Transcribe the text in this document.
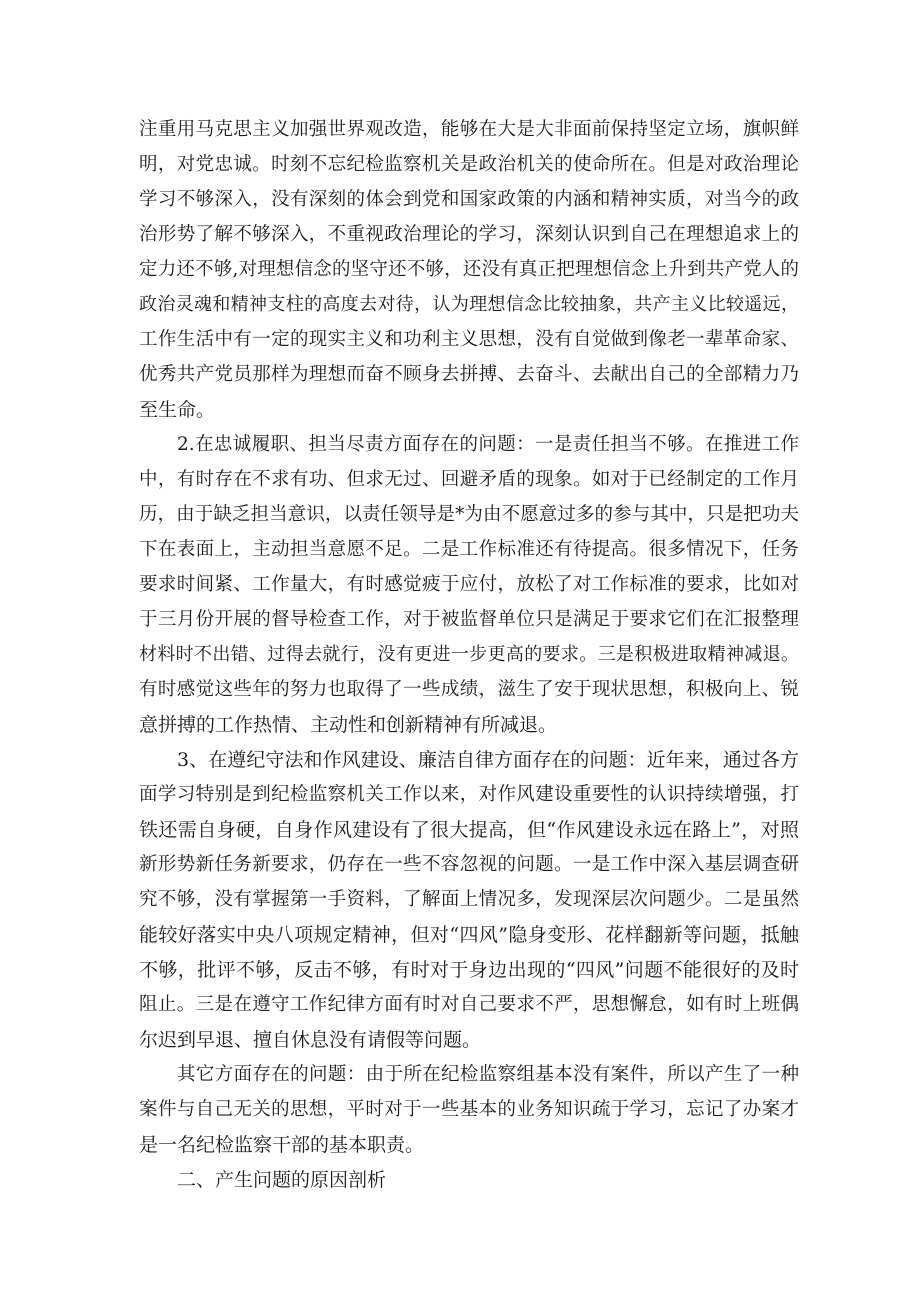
注重用马克思主义加强世界观改造，能够在大是大非面前保持坚定立场，旗帜鲜
明，对党忠诚。时刻不忘纪检监察机关是政治机关的使命所在。但是对政治理论
学习不够深入，没有深刻的体会到党和国家政策的内涵和精神实质，对当今的政
治形势了解不够深入，不重视政治理论的学习，深刻认识到自己在理想追求上的
定力还不够,对理想信念的坚守还不够，还没有真正把理想信念上升到共产党人的
政治灵魂和精神支柱的高度去对待，认为理想信念比较抽象，共产主义比较遥远，
工作生活中有一定的现实主义和功利主义思想，没有自觉做到像老一辈革命家、
优秀共产党员那样为理想而奋不顾身去拼搏、去奋斗、去献出自己的全部精力乃
至生命。
2.在忠诚履职、担当尽责方面存在的问题：一是责任担当不够。在推进工作
中，有时存在不求有功、但求无过、回避矛盾的现象。如对于已经制定的工作月
历，由于缺乏担当意识，以责任领导是*为由不愿意过多的参与其中，只是把功夫
下在表面上，主动担当意愿不足。二是工作标准还有待提高。很多情况下，任务
要求时间紧、工作量大，有时感觉疲于应付，放松了对工作标准的要求，比如对
于三月份开展的督导检查工作，对于被监督单位只是满足于要求它们在汇报整理
材料时不出错、过得去就行，没有更进一步更高的要求。三是积极进取精神减退。
有时感觉这些年的努力也取得了一些成绩，滋生了安于现状思想，积极向上、锐
意拼搏的工作热情、主动性和创新精神有所减退。
3、在遵纪守法和作风建设、廉洁自律方面存在的问题：近年来，通过各方
面学习特别是到纪检监察机关工作以来，对作风建设重要性的认识持续增强，打
铁还需自身硬，自身作风建设有了很大提高，但“作风建设永远在路上”，对照
新形势新任务新要求，仍存在一些不容忽视的问题。一是工作中深入基层调查研
究不够，没有掌握第一手资料，了解面上情况多，发现深层次问题少。二是虽然
能较好落实中央八项规定精神，但对“四风”隐身变形、花样翻新等问题，抵触
不够，批评不够，反击不够，有时对于身边出现的“四风”问题不能很好的及时
阻止。三是在遵守工作纪律方面有时对自己要求不严，思想懈怠，如有时上班偶
尔迟到早退、擅自休息没有请假等问题。
其它方面存在的问题：由于所在纪检监察组基本没有案件，所以产生了一种
案件与自己无关的思想，平时对于一些基本的业务知识疏于学习，忘记了办案才
是一名纪检监察干部的基本职责。
二、产生问题的原因剖析
